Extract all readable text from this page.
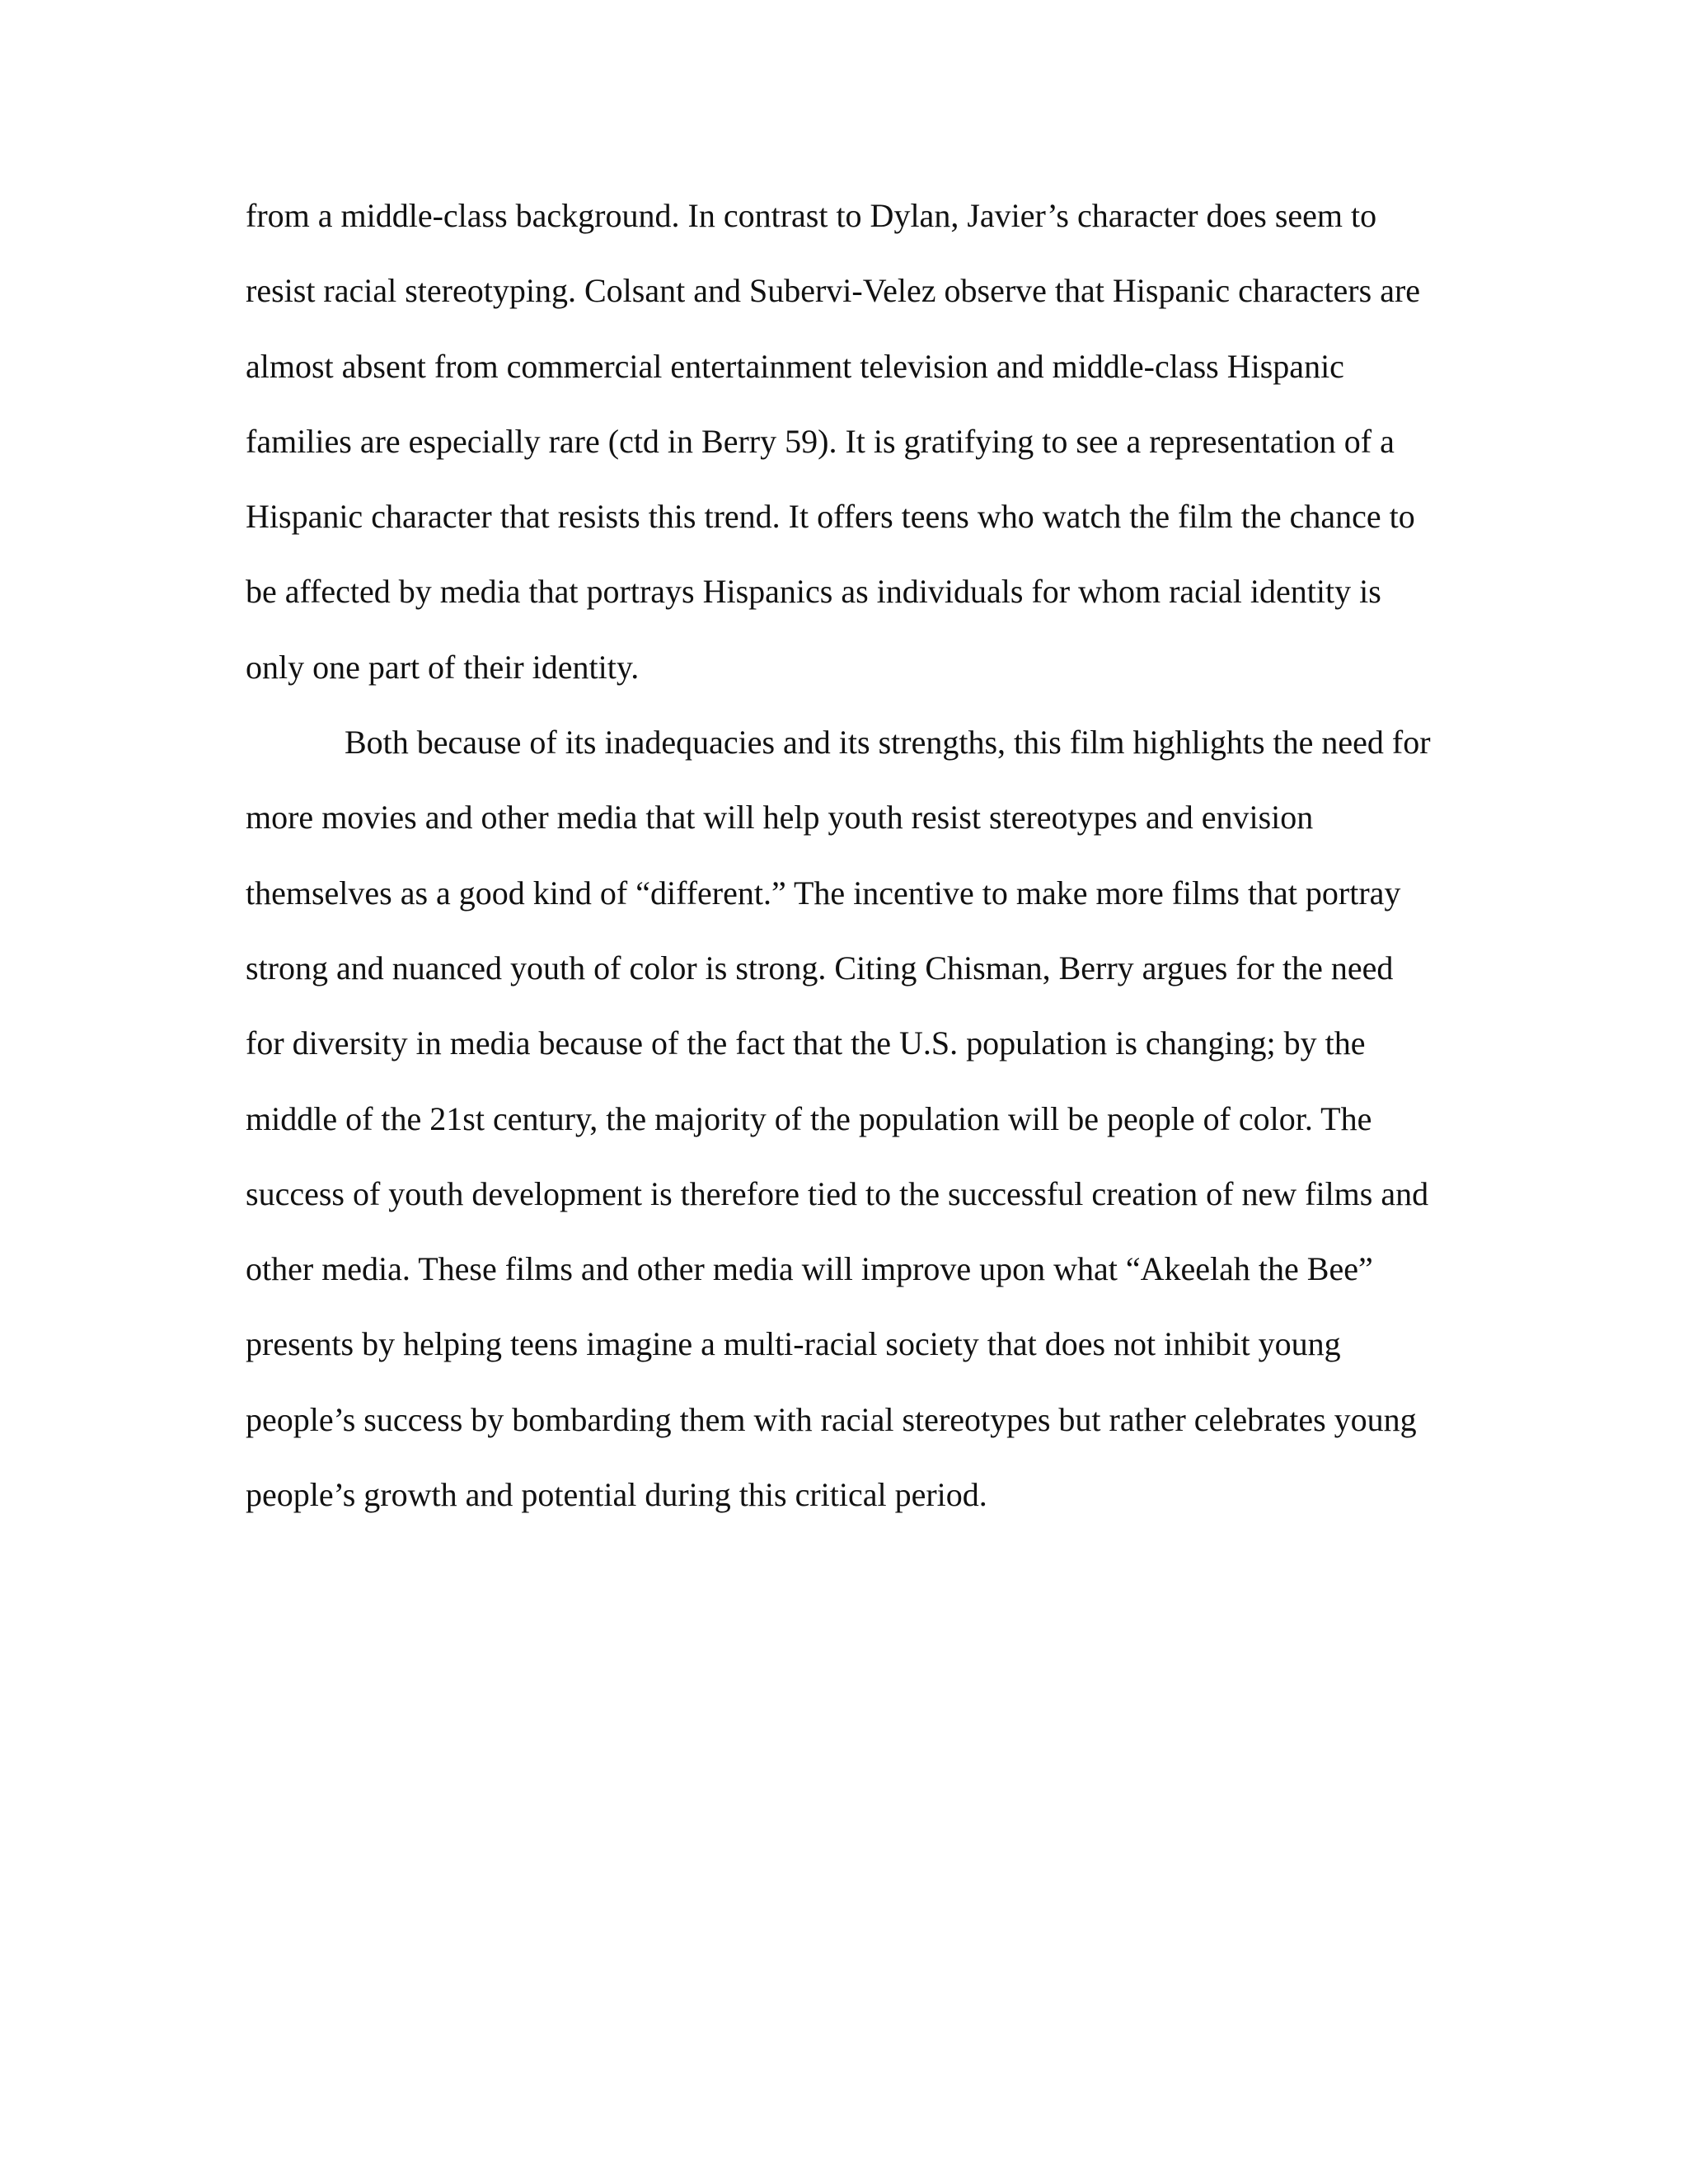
from a middle-class background. In contrast to Dylan, Javier’s character does seem to
resist racial stereotyping. Colsant and Subervi-Velez observe that Hispanic characters are
almost absent from commercial entertainment television and middle-class Hispanic
families are especially rare (ctd in Berry 59). It is gratifying to see a representation of a
Hispanic character that resists this trend. It offers teens who watch the film the chance to
be affected by media that portrays Hispanics as individuals for whom racial identity is
only one part of their identity.
Both because of its inadequacies and its strengths, this film highlights the need for
more movies and other media that will help youth resist stereotypes and envision
themselves as a good kind of “different.” The incentive to make more films that portray
strong and nuanced youth of color is strong. Citing Chisman, Berry argues for the need
for diversity in media because of the fact that the U.S. population is changing; by the
middle of the 21st century, the majority of the population will be people of color. The
success of youth development is therefore tied to the successful creation of new films and
other media. These films and other media will improve upon what “Akeelah the Bee”
presents by helping teens imagine a multi-racial society that does not inhibit young
people’s success by bombarding them with racial stereotypes but rather celebrates young
people’s growth and potential during this critical period.
